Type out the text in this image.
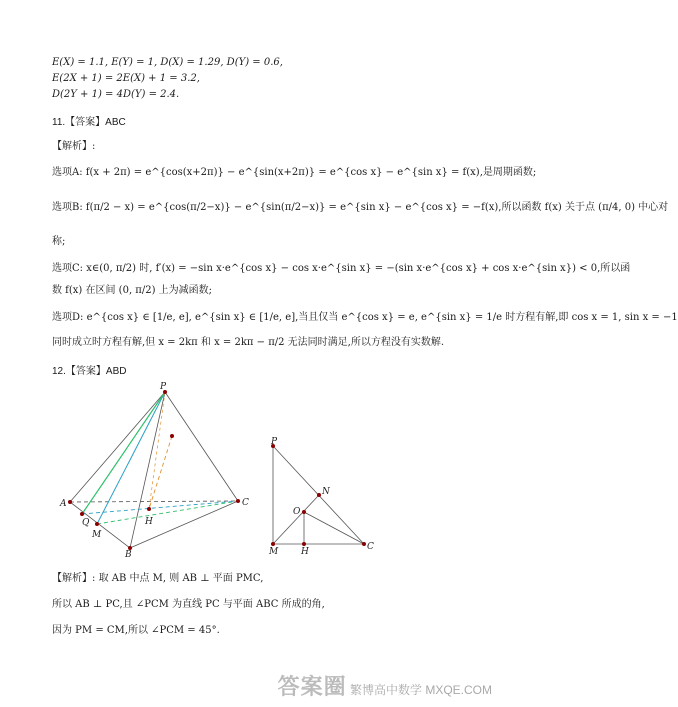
E(X) = 1.1, E(Y) = 1, D(X) = 1.29, D(Y) = 0.6,
E(2X + 1) = 2E(X) + 1 = 3.2,
D(2Y + 1) = 4D(Y) = 2.4.
11.【答案】ABC
【解析】:
选项A: f(x + 2π) = e^{cos(x+2π)} − e^{sin(x+2π)} = e^{cos x} − e^{sin x} = f(x),是周期函数;
选项B: f(π/2 − x) = e^{cos(π/2−x)} − e^{sin(π/2−x)} = e^{sin x} − e^{cos x} = −f(x),所以函数 f(x) 关于点 (π/4, 0) 中心对
称;
选项C: x∈(0, π/2) 时, f′(x) = −sin x·e^{cos x} − cos x·e^{sin x} = −(sin x·e^{cos x} + cos x·e^{sin x}) < 0,所以函
数 f(x) 在区间 (0, π/2) 上为减函数;
选项D: e^{cos x} ∈ [1/e, e], e^{sin x} ∈ [1/e, e],当且仅当 e^{cos x} = e, e^{sin x} = 1/e 时方程有解,即 cos x = 1, sin x = −1
同时成立时方程有解,但 x = 2kπ 和 x = 2kπ − π/2 无法同时满足,所以方程没有实数解.
12.【答案】ABD
P
A	C
Q
M
H
B
P
N
O
M	H	C
【解析】: 取 AB 中点 M, 则 AB ⊥ 平面 PMC,
所以 AB ⊥ PC,且 ∠PCM 为直线 PC 与平面 ABC 所成的角,
因为 PM = CM,所以 ∠PCM = 45°.
答案圈 繁博高中数学 MXQE.COM
